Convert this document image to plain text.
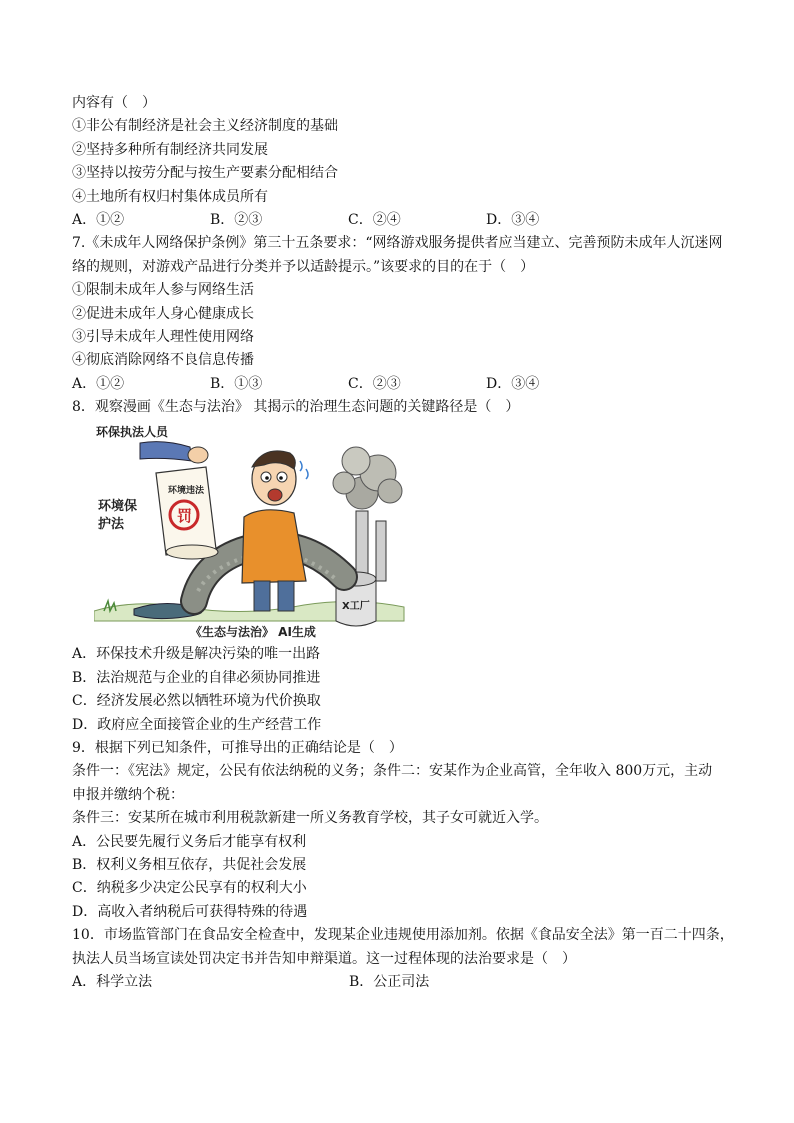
内容有（　）
①非公有制经济是社会主义经济制度的基础
②坚持多种所有制经济共同发展
③坚持以按劳分配与按生产要素分配相结合
④土地所有权归村集体成员所有
A．①②	B．②③	C．②④	D．③④
7.《未成年人网络保护条例》第三十五条要求：“网络游戏服务提供者应当建立、完善预防未成年人沉迷网
络的规则，对游戏产品进行分类并予以适龄提示。”该要求的目的在于（　）
①限制未成年人参与网络生活
②促进未成年人身心健康成长
③引导未成年人理性使用网络
④彻底消除网络不良信息传播
A．①②	B．①③	C．②③	D．③④
8．观察漫画《生态与法治》 其揭示的治理生态问题的关键路径是（　）
环保执法人员
环境保
护法
环境违法
罚
X工厂
《生态与法治》 AI生成
A．环保技术升级是解决污染的唯一出路
B．法治规范与企业的自律必须协同推进
C．经济发展必然以牺牲环境为代价换取
D．政府应全面接管企业的生产经营工作
9．根据下列已知条件，可推导出的正确结论是（　）
条件一：《宪法》规定，公民有依法纳税的义务；条件二：安某作为企业高管，全年收入 800万元，主动
申报并缴纳个税：
条件三：安某所在城市利用税款新建一所义务教育学校，其子女可就近入学。
A．公民要先履行义务后才能享有权利
B．权利义务相互依存，共促社会发展
C．纳税多少决定公民享有的权利大小
D．高收入者纳税后可获得特殊的待遇
10．市场监管部门在食品安全检查中，发现某企业违规使用添加剂。依据《食品安全法》第一百二十四条，
执法人员当场宣读处罚决定书并告知申辩渠道。这一过程体现的法治要求是（　）
A．科学立法	B．公正司法
